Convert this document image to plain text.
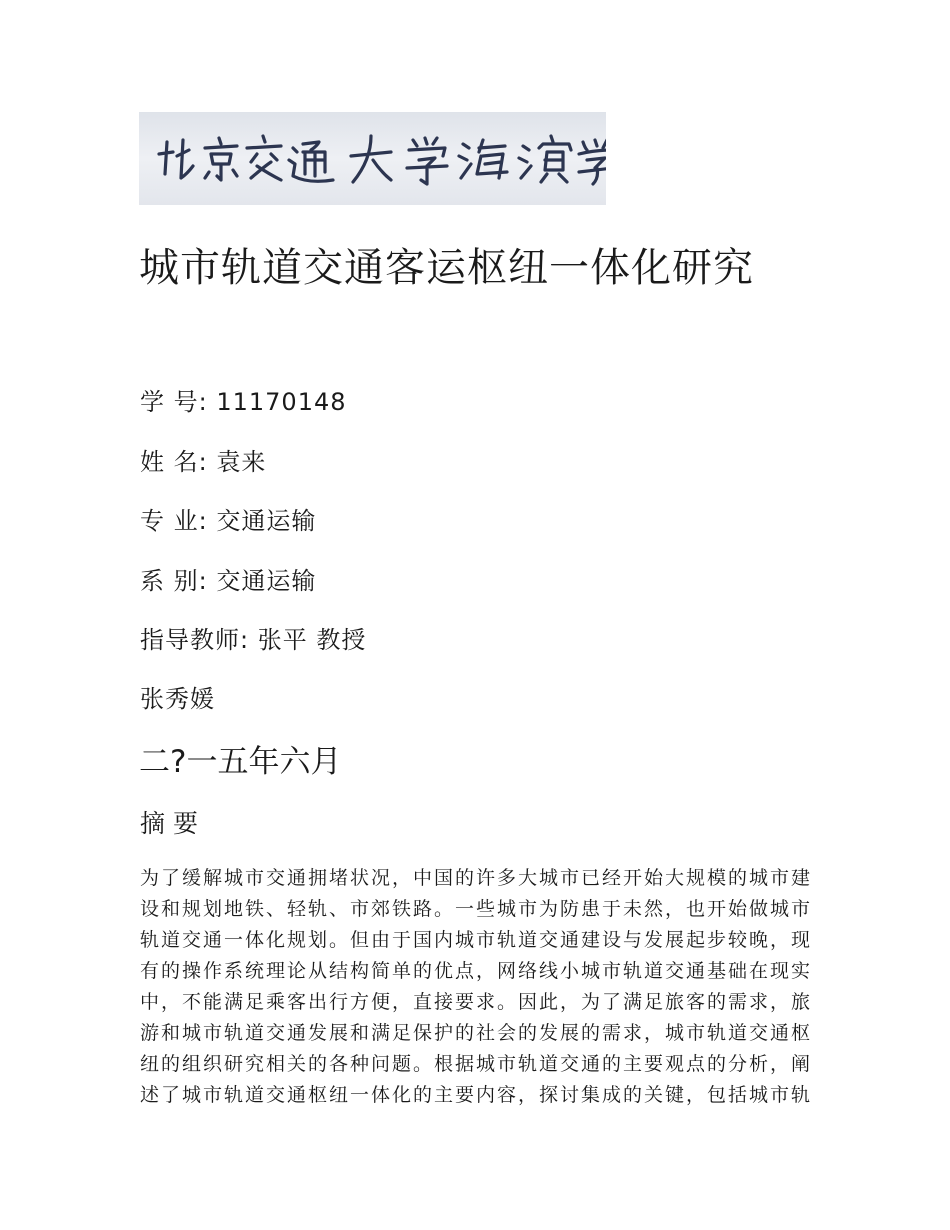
城市轨道交通客运枢纽一体化研究
学 号: 11170148
姓 名: 袁来
专 业: 交通运输
系 别: 交通运输
指导教师: 张平 教授
张秀媛
二?一五年六月
摘 要
为了缓解城市交通拥堵状况，中国的许多大城市已经开始大规模的城市建
设和规划地铁、轻轨、市郊铁路。一些城市为防患于未然，也开始做城市
轨道交通一体化规划。但由于国内城市轨道交通建设与发展起步较晚，现
有的操作系统理论从结构简单的优点，网络线小城市轨道交通基础在现实
中，不能满足乘客出行方便，直接要求。因此，为了满足旅客的需求，旅
游和城市轨道交通发展和满足保护的社会的发展的需求，城市轨道交通枢
纽的组织研究相关的各种问题。根据城市轨道交通的主要观点的分析，阐
述了城市轨道交通枢纽一体化的主要内容，探讨集成的关键，包括城市轨
